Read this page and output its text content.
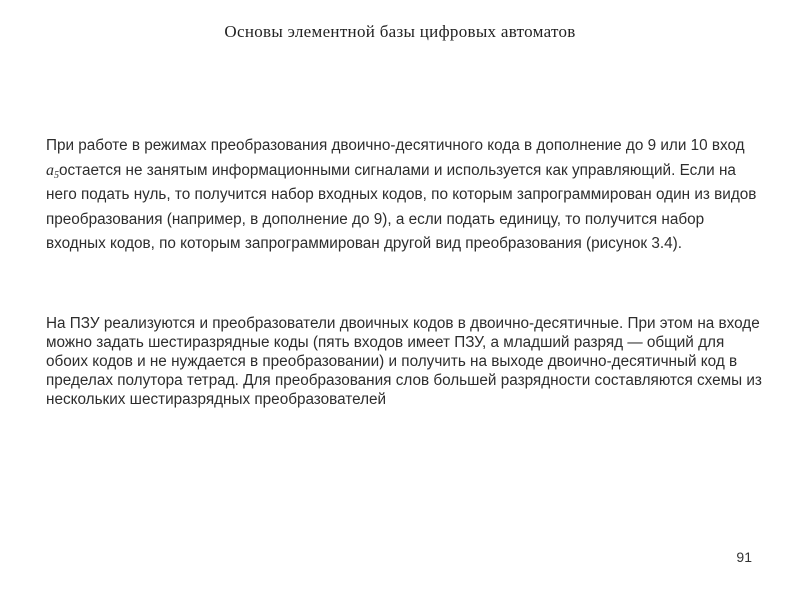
Основы элементной базы цифровых автоматов

При работе в режимах преобразования двоично-десятичного кода в дополнение до 9 или 10 вход $a_5остается$ не занятым информационными сигналами и используется как управляющий. Если на него подать нуль, то получится набор входных кодов, по которым запрограммирован один из видов преобразования (например, в дополнение до 9), а если подать единицу, то получится набор входных кодов, по которым запрограммирован другой вид преобразования (рисунок 3.4).

На ПЗУ реализуются и преобразователи двоичных кодов в двоично-десятичные. При этом на входе можно задать шестиразрядные коды (пять входов имеет ПЗУ, а младший разряд — общий для обоих кодов и не нуждается в преобразовании) и получить на выходе двоично-десятичный код в пределах полутора тетрад. Для преобразования слов большей разрядности составляются схемы из нескольких шестиразрядных преобразователей

91
